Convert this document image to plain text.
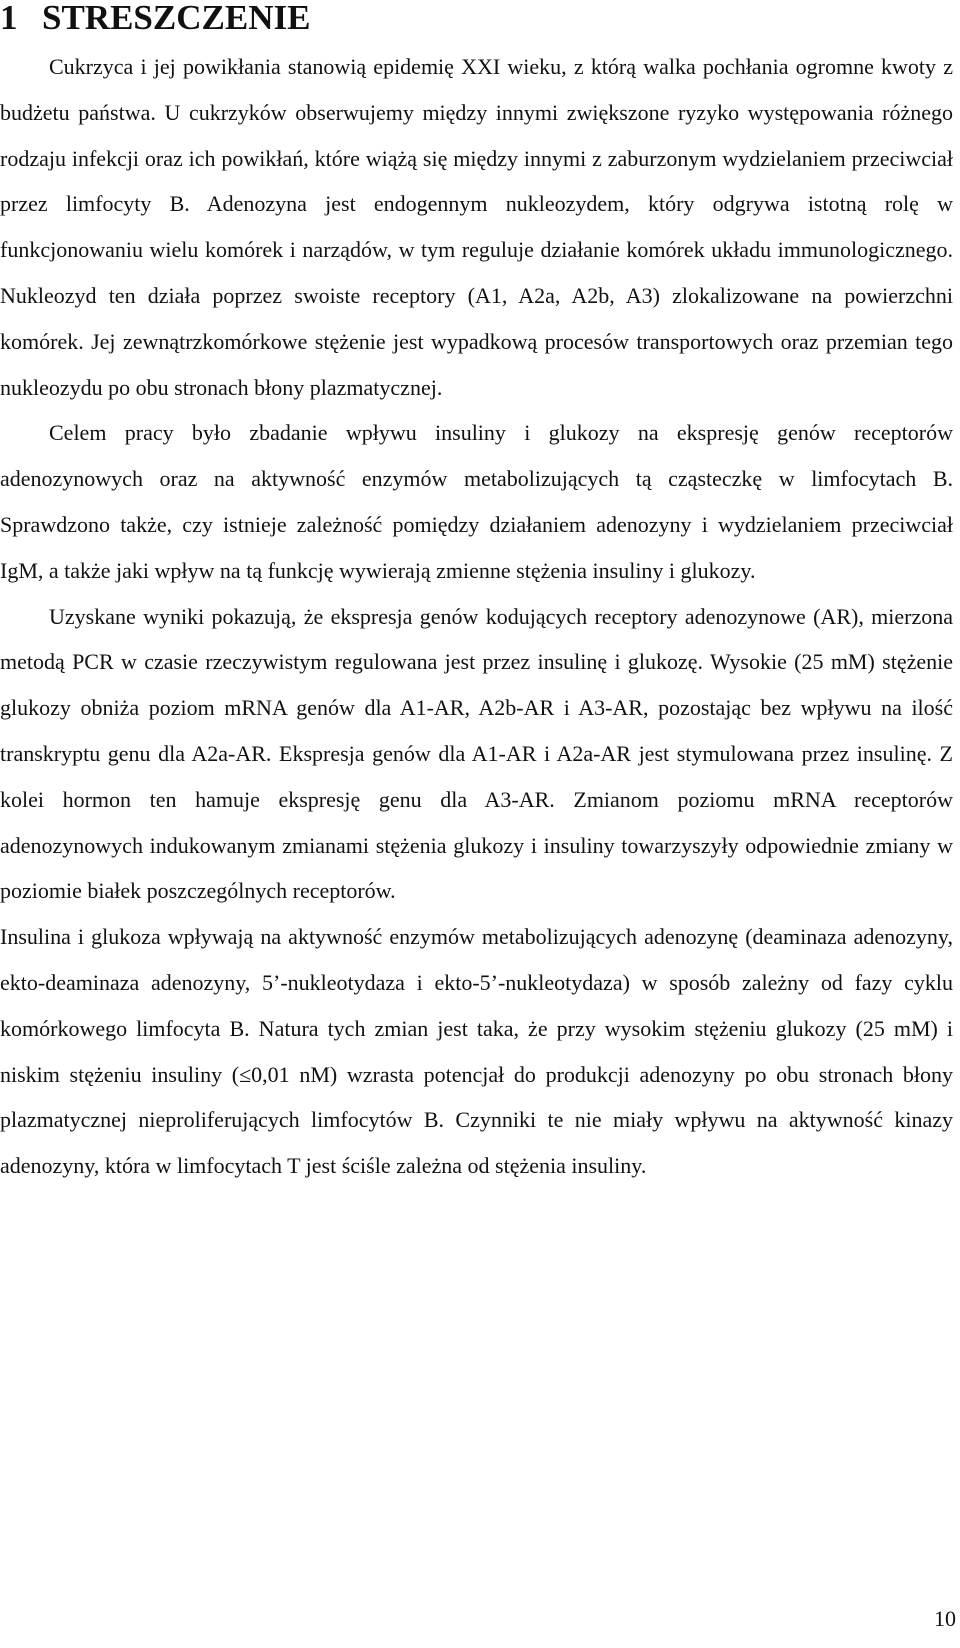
1 STRESZCZENIE

Cukrzyca i jej powikłania stanowią epidemię XXI wieku, z którą walka pochłania ogromne kwoty z budżetu państwa. U cukrzyków obserwujemy między innymi zwiększone ryzyko występowania różnego rodzaju infekcji oraz ich powikłań, które wiążą się między innymi z zaburzonym wydzielaniem przeciwciał przez limfocyty B. Adenozyna jest endogennym nukleozydem, który odgrywa istotną rolę w funkcjonowaniu wielu komórek i narządów, w tym reguluje działanie komórek układu immunologicznego. Nukleozyd ten działa poprzez swoiste receptory (A1, A2a, A2b, A3) zlokalizowane na powierzchni komórek. Jej zewnątrzkomórkowe stężenie jest wypadkową procesów transportowych oraz przemian tego nukleozydu po obu stronach błony plazmatycznej.

Celem pracy było zbadanie wpływu insuliny i glukozy na ekspresję genów receptorów adenozynowych oraz na aktywność enzymów metabolizujących tą cząsteczkę w limfocytach B. Sprawdzono także, czy istnieje zależność pomiędzy działaniem adenozyny i wydzielaniem przeciwciał IgM, a także jaki wpływ na tą funkcję wywierają zmienne stężenia insuliny i glukozy.

Uzyskane wyniki pokazują, że ekspresja genów kodujących receptory adenozynowe (AR), mierzona metodą PCR w czasie rzeczywistym regulowana jest przez insulinę i glukozę. Wysokie (25 mM) stężenie glukozy obniża poziom mRNA genów dla A1-AR, A2b-AR i A3-AR, pozostając bez wpływu na ilość transkryptu genu dla A2a-AR. Ekspresja genów dla A1-AR i A2a-AR jest stymulowana przez insulinę. Z kolei hormon ten hamuje ekspresję genu dla A3-AR. Zmianom poziomu mRNA receptorów adenozynowych indukowanym zmianami stężenia glukozy i insuliny towarzyszyły odpowiednie zmiany w poziomie białek poszczególnych receptorów.

Insulina i glukoza wpływają na aktywność enzymów metabolizujących adenozynę (deaminaza adenozyny, ekto-deaminaza adenozyny, 5’-nukleotydaza i ekto-5’-nukleotydaza) w sposób zależny od fazy cyklu komórkowego limfocyta B. Natura tych zmian jest taka, że przy wysokim stężeniu glukozy (25 mM) i niskim stężeniu insuliny (≤0,01 nM) wzrasta potencjał do produkcji adenozyny po obu stronach błony plazmatycznej nieproliferujących limfocytów B. Czynniki te nie miały wpływu na aktywność kinazy adenozyny, która w limfocytach T jest ściśle zależna od stężenia insuliny.

10
